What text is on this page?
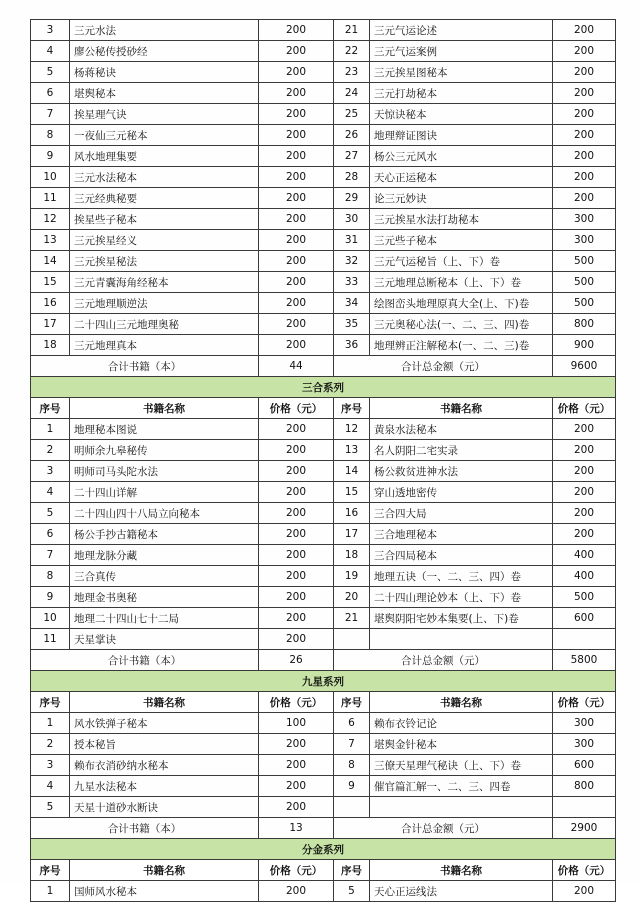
3	三元水法	200	21	三元气运论述	200
4	廖公秘传授砂经	200	22	三元气运案例	200
5	杨蒋秘诀	200	23	三元挨星图秘本	200
6	堪舆秘本	200	24	三元打劫秘本	200
7	挨星理气诀	200	25	天惊诀秘本	200
8	一夜仙三元秘本	200	26	地理辩证图诀	200
9	风水地理集要	200	27	杨公三元风水	200
10	三元水法秘本	200	28	天心正运秘本	200
11	三元经典秘要	200	29	论三元妙诀	200
12	挨星些子秘本	200	30	三元挨星水法打劫秘本	300
13	三元挨星经义	200	31	三元些子秘本	300
14	三元挨星秘法	200	32	三元气运秘旨（上、下）卷	500
15	三元青囊海角经秘本	200	33	三元地理总断秘本（上、下）卷	500
16	三元地理顺逆法	200	34	绘图峦头地理原真大全(上、下)卷	500
17	二十四山三元地理奥秘	200	35	三元奥秘心法(一、二、三、四)卷	800
18	三元地理真本	200	36	地理辨正注解秘本(一、二、三)卷	900
合计书籍（本）		44	合计总金额（元）		9600
三合系列					
序号	书籍名称	价格（元）	序号	书籍名称	价格（元）
1	地理秘本图说	200	12	黄泉水法秘本	200
2	明师余九皋秘传	200	13	名人阴阳二宅实录	200
3	明师司马头陀水法	200	14	杨公救贫进神水法	200
4	二十四山详解	200	15	穿山透地密传	200
5	二十四山四十八局立向秘本	200	16	三合四大局	200
6	杨公手抄古籍秘本	200	17	三合地理秘本	200
7	地理龙脉分藏	200	18	三合四局秘本	400
8	三合真传	200	19	地理五诀（一、二、三、四）卷	400
9	地理金书奥秘	200	20	二十四山理论妙本（上、下）卷	500
10	地理二十四山七十二局	200	21	堪舆阴阳宅妙本集要(上、下)卷	600
11	天星掌诀	200			
合计书籍（本）		26	合计总金额（元）		5800
九星系列					
序号	书籍名称	价格（元）	序号	书籍名称	价格（元）
1	风水铁弹子秘本	100	6	赖布衣铃记论	300
2	授本秘旨	200	7	堪舆金针秘本	300
3	赖布衣消砂纳水秘本	200	8	三僚天星理气秘诀（上、下）卷	600
4	九星水法秘本	200	9	催官篇汇解一、二、三、四卷	800
5	天星十道砂水断诀	200			
合计书籍（本）		13	合计总金额（元）		2900
分金系列					
序号	书籍名称	价格（元）	序号	书籍名称	价格（元）
1	国师风水秘本	200	5	天心正运线法	200
